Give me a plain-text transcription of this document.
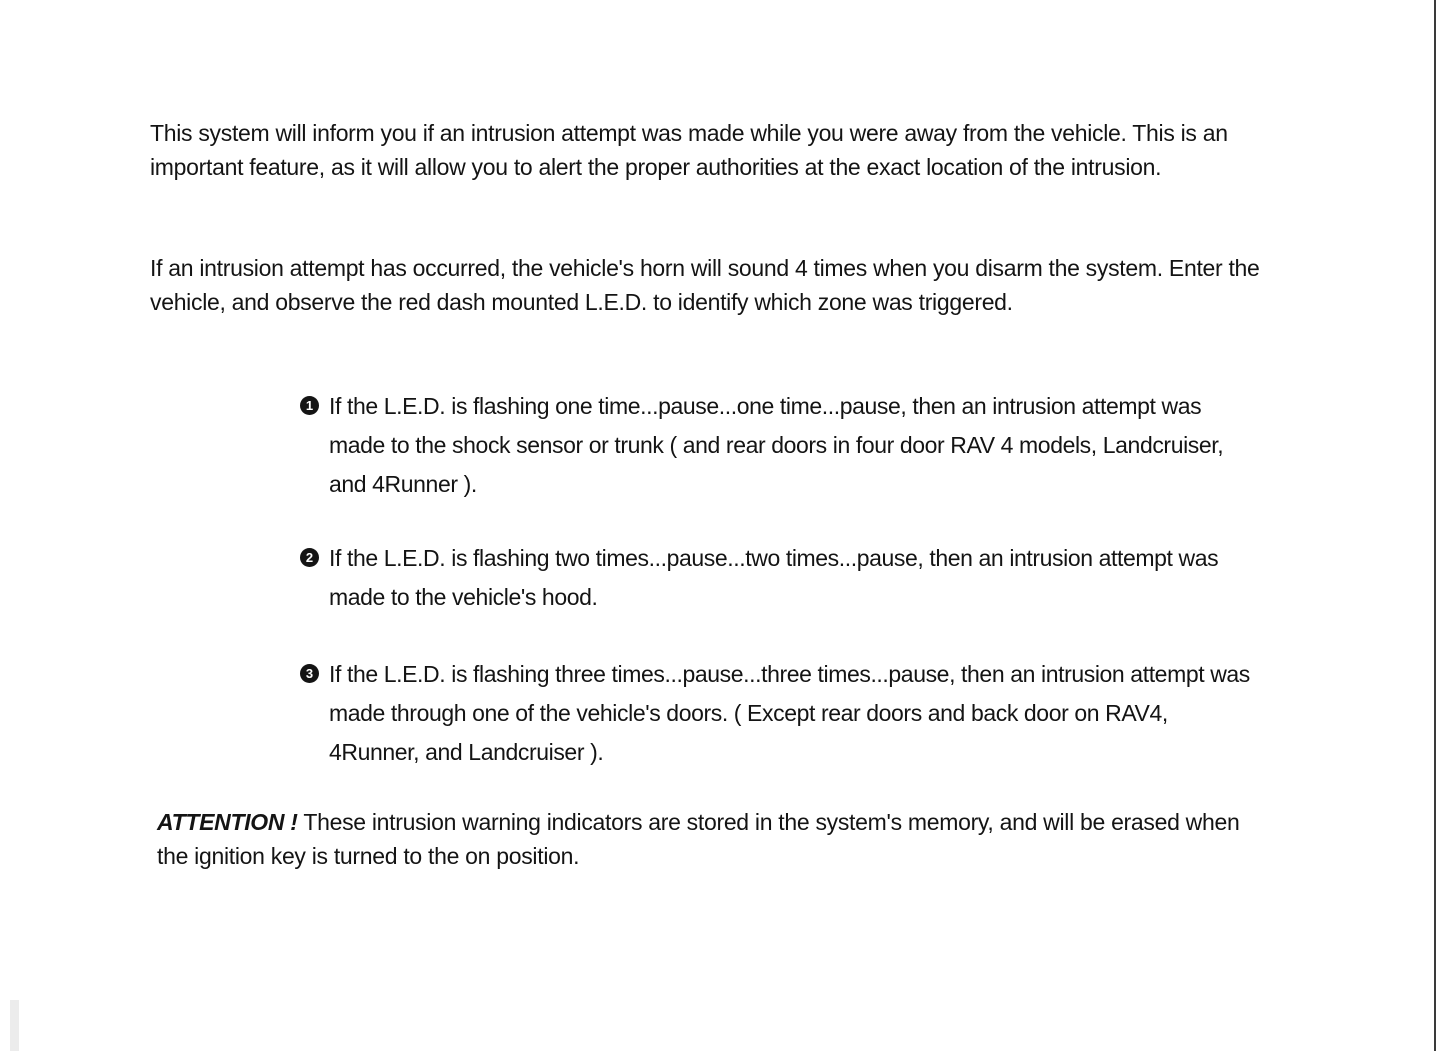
This system will inform you if an intrusion attempt was made while you were away from the vehicle. This is an important feature, as it will allow you to alert the proper authorities at the exact location of the intrusion.

If an intrusion attempt has occurred, the vehicle's horn will sound 4 times when you disarm the system. Enter the vehicle, and observe the red dash mounted L.E.D. to identify which zone was triggered.

1 If the L.E.D. is flashing one time...pause...one time...pause, then an intrusion attempt was made to the shock sensor or trunk ( and rear doors in four door RAV 4 models, Landcruiser, and 4Runner ).
2 If the L.E.D. is flashing two times...pause...two times...pause, then an intrusion attempt was made to the vehicle's hood.
3 If the L.E.D. is flashing three times...pause...three times...pause, then an intrusion attempt was made through one of the vehicle's doors. ( Except rear doors and back door on RAV4, 4Runner, and Landcruiser ).

ATTENTION ! These intrusion warning indicators are stored in the system's memory, and will be erased when the ignition key is turned to the on position.
